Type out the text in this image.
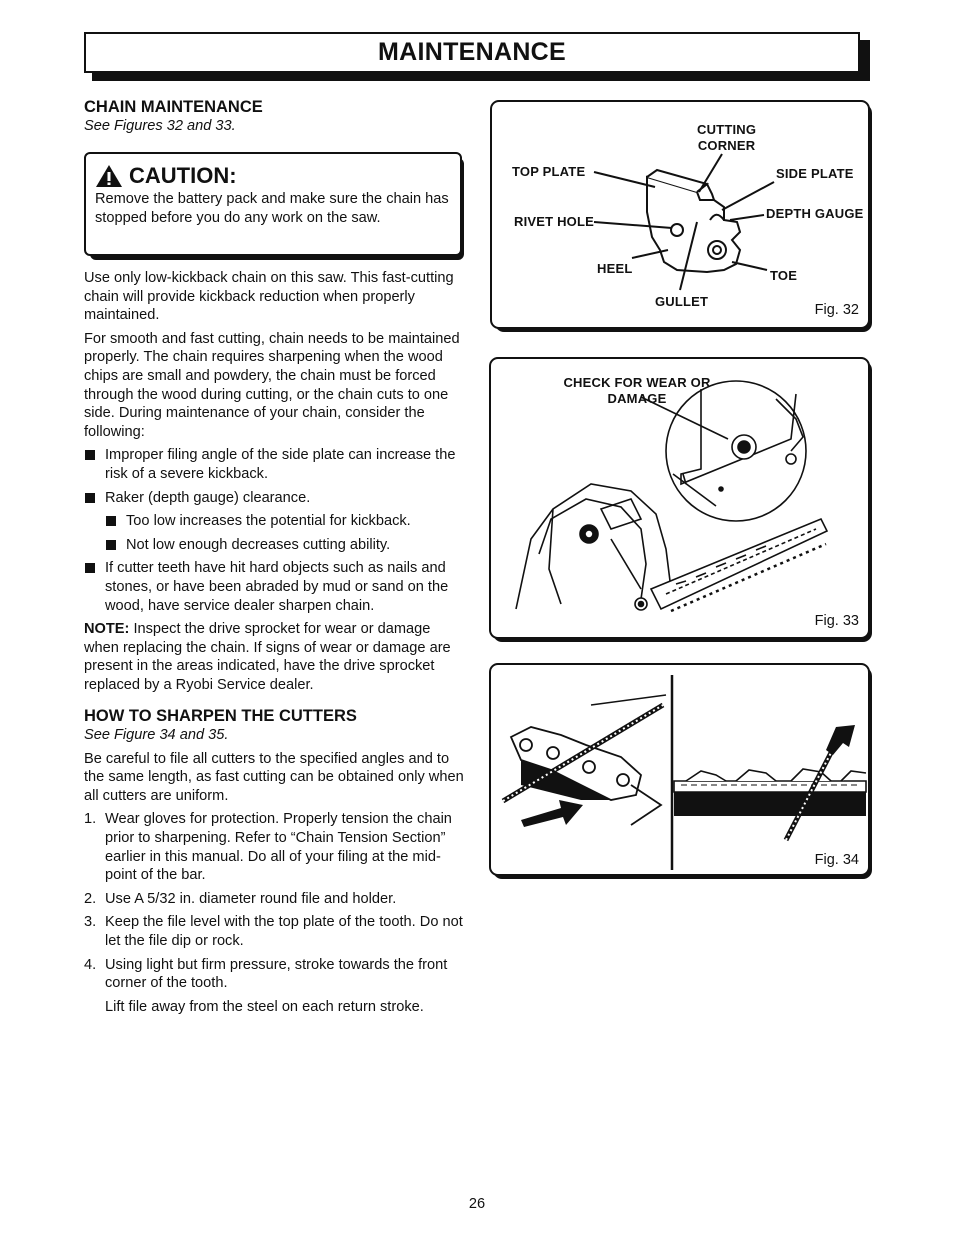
MAINTENANCE
CHAIN MAINTENANCE
See Figures 32 and 33.
CAUTION:
Remove the battery pack and make sure the chain has stopped before you do any work on the saw.

Use only low-kickback chain on this saw. This fast-cutting chain will provide kickback reduction when properly maintained.

For smooth and fast cutting, chain needs to be maintained properly. The chain requires sharpening when the wood chips are small and powdery, the chain must be forced through the wood during cutting, or the chain cuts to one side. During maintenance of your chain, consider the following:

Improper filing angle of the side plate can increase the risk of a severe kickback.
Raker (depth gauge) clearance.
Too low increases the potential for kickback.
Not low enough decreases cutting ability.
If cutter teeth have hit hard objects such as nails and stones, or have been abraded by mud or sand on the wood, have service dealer sharpen chain.

NOTE: Inspect the drive sprocket for wear or damage when replacing the chain. If signs of wear or damage are present in the areas indicated, have the drive sprocket replaced by a Ryobi Service dealer.

HOW TO SHARPEN THE CUTTERS
See Figure 34 and 35.

Be careful to file all cutters to the specified angles and to the same length, as fast cutting can be obtained only when all cutters are uniform.

1. Wear gloves for protection. Properly tension the chain prior to sharpening. Refer to “Chain Tension Section” earlier in this manual. Do all of your filing at the mid-point of the bar.
2. Use A 5/32 in. diameter round file and holder.
3. Keep the file level with the top plate of the tooth. Do not let the file dip or rock.
4. Using light but firm pressure, stroke towards the front corner of the tooth.

Lift file away from the steel on each return stroke.

CUTTING
CORNER
TOP PLATE	SIDE PLATE
RIVET HOLE
DEPTH GAUGE
HEEL	TOE
GULLET
Fig. 32
CHECK FOR WEAR OR
DAMAGE
Fig. 33
Fig. 34
26
